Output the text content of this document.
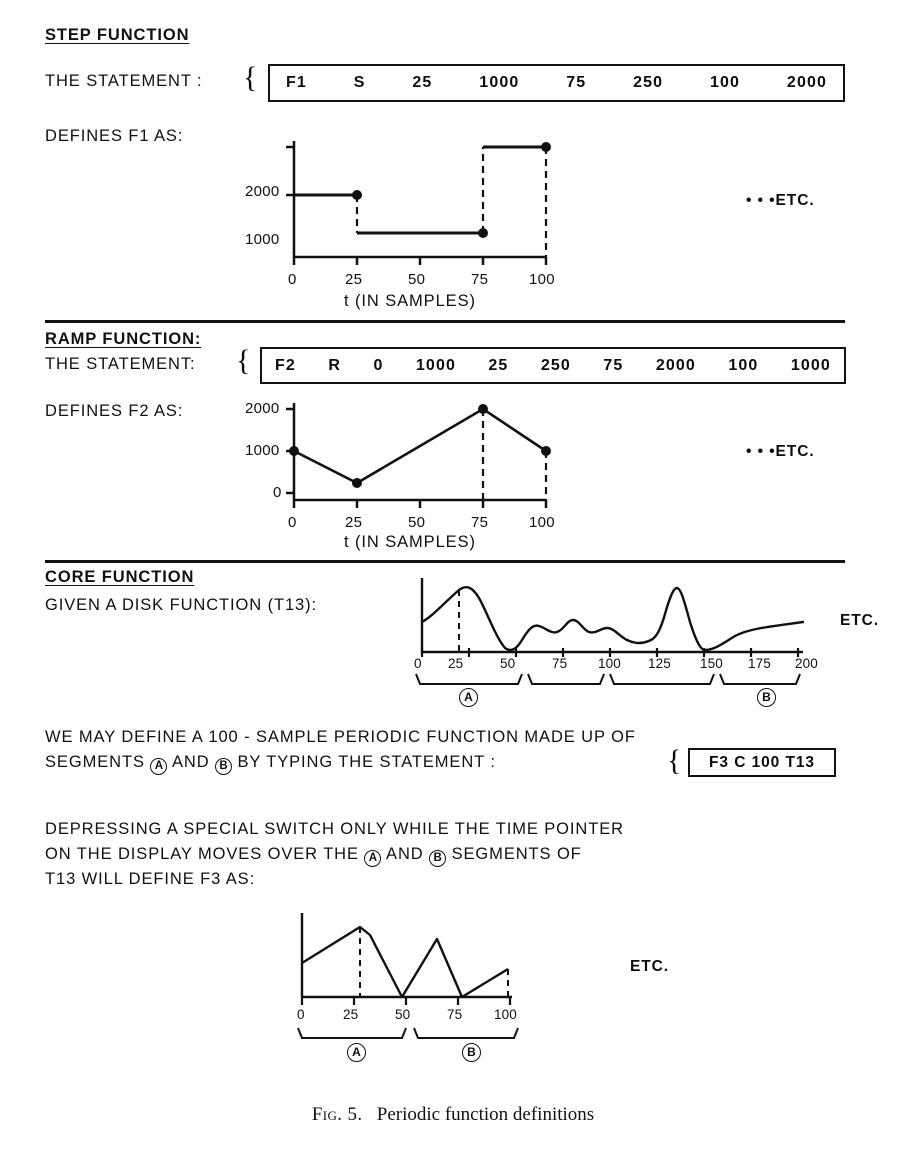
STEP FUNCTION
THE STATEMENT : { F1	S	25	1000	75	250	100	2000
DEFINES F1 AS:
2000
1000
0	25	50	75	100
t (IN SAMPLES)
• • •ETC.
RAMP FUNCTION:
THE STATEMENT: { F2 R 0 1000 25 250 75 2000 100 1000
DEFINES F2 AS:	2000
1000
0
0	25	50	75	100
t (IN SAMPLES)
• • •ETC.
CORE FUNCTION
GIVEN A DISK FUNCTION (T13):
ETC.
0 25	50	75 100 125 150 175 200
A	B
WE MAY DEFINE A 100 - SAMPLE PERIODIC FUNCTION MADE UP OF
SEGMENTS A AND B BY TYPING THE STATEMENT :	{	F3 C 100 T13
DEPRESSING A SPECIAL SWITCH ONLY WHILE THE TIME POINTER
ON THE DISPLAY MOVES OVER THE A AND B SEGMENTS OF
T13 WILL DEFINE F3 AS:
0	25	50	75 100
ETC.
A	B
Fig. 5. Periodic function definitions
